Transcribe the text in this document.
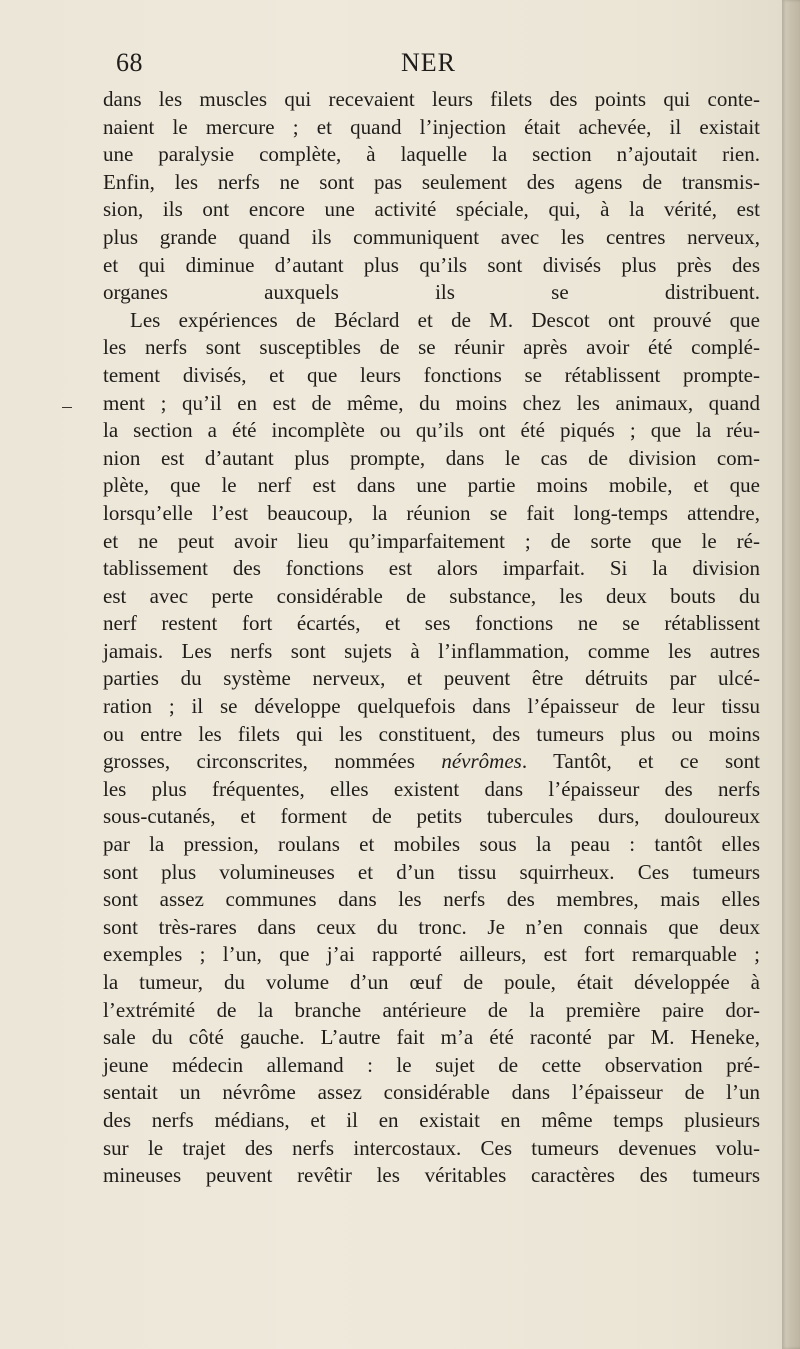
68	NER
dans les muscles qui recevaient leurs filets des points qui conte-
naient le mercure ; et quand l’injection était achevée, il existait
une paralysie complète, à laquelle la section n’ajoutait rien.
Enfin, les nerfs ne sont pas seulement des agens de transmis-
sion, ils ont encore une activité spéciale, qui, à la vérité, est
plus grande quand ils communiquent avec les centres nerveux,
et qui diminue d’autant plus qu’ils sont divisés plus près des
organes auxquels ils se distribuent.
Les expériences de Béclard et de M. Descot ont prouvé que
les nerfs sont susceptibles de se réunir après avoir été complé-
tement divisés, et que leurs fonctions se rétablissent prompte-
ment ; qu’il en est de même, du moins chez les animaux, quand
la section a été incomplète ou qu’ils ont été piqués ; que la réu-
nion est d’autant plus prompte, dans le cas de division com-
plète, que le nerf est dans une partie moins mobile, et que
lorsqu’elle l’est beaucoup, la réunion se fait long-temps attendre,
et ne peut avoir lieu qu’imparfaitement ; de sorte que le ré-
tablissement des fonctions est alors imparfait. Si la division
est avec perte considérable de substance, les deux bouts du
nerf restent fort écartés, et ses fonctions ne se rétablissent
jamais. Les nerfs sont sujets à l’inflammation, comme les autres
parties du système nerveux, et peuvent être détruits par ulcé-
ration ; il se développe quelquefois dans l’épaisseur de leur tissu
ou entre les filets qui les constituent, des tumeurs plus ou moins
grosses, circonscrites, nommées névrômes. Tantôt, et ce sont
les plus fréquentes, elles existent dans l’épaisseur des nerfs
sous-cutanés, et forment de petits tubercules durs, douloureux
par la pression, roulans et mobiles sous la peau : tantôt elles
sont plus volumineuses et d’un tissu squirrheux. Ces tumeurs
sont assez communes dans les nerfs des membres, mais elles
sont très-rares dans ceux du tronc. Je n’en connais que deux
exemples ; l’un, que j’ai rapporté ailleurs, est fort remarquable ;
la tumeur, du volume d’un œuf de poule, était développée à
l’extrémité de la branche antérieure de la première paire dor-
sale du côté gauche. L’autre fait m’a été raconté par M. Heneke,
jeune médecin allemand : le sujet de cette observation pré-
sentait un névrôme assez considérable dans l’épaisseur de l’un
des nerfs médians, et il en existait en même temps plusieurs
sur le trajet des nerfs intercostaux. Ces tumeurs devenues volu-
mineuses peuvent revêtir les véritables caractères des tumeurs
